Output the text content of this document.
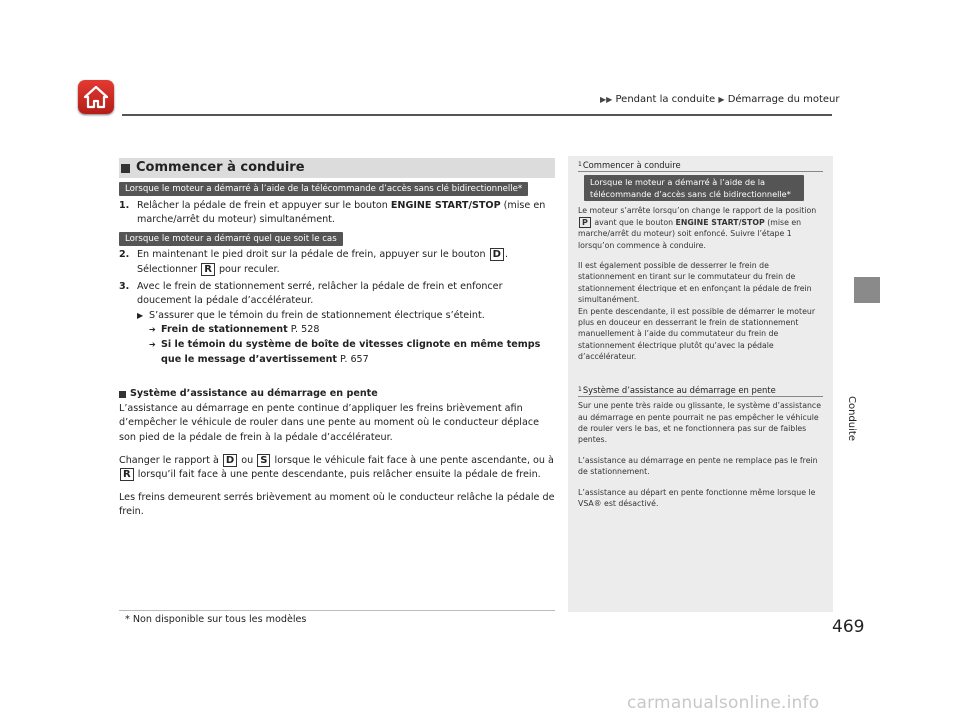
▶▶ Pendant la conduite ▶ Démarrage du moteur
Conduite
Commencer à conduire
Lorsque le moteur a démarré à l’aide de la télécommande d’accès sans clé bidirectionnelle*
1. Relâcher la pédale de frein et appuyer sur le bouton ENGINE START/STOP (mise en marche/arrêt du moteur) simultanément.
Lorsque le moteur a démarré quel que soit le cas
2. En maintenant le pied droit sur la pédale de frein, appuyer sur le bouton D . Sélectionner R pour reculer.
3. Avec le frein de stationnement serré, relâcher la pédale de frein et enfoncer doucement la pédale d’accélérateur.
▶ S’assurer que le témoin du frein de stationnement électrique s’éteint.
➔ Frein de stationnement P. 528
➔ Si le témoin du système de boîte de vitesses clignote en même temps que le message d’avertissement P. 657
Système d’assistance au démarrage en pente

L’assistance au démarrage en pente continue d’appliquer les freins brièvement afin d’empêcher le véhicule de rouler dans une pente au moment où le conducteur déplace son pied de la pédale de frein à la pédale d’accélérateur.

Changer le rapport à D ou S lorsque le véhicule fait face à une pente ascendante, ou à R lorsqu’il fait face à une pente descendante, puis relâcher ensuite la pédale de frein.

Les freins demeurent serrés brièvement au moment où le conducteur relâche la pédale de frein.

1 Commencer à conduire
Lorsque le moteur a démarré à l’aide de la télécommande d’accès sans clé bidirectionnelle*
Le moteur s’arrête lorsqu’on change le rapport de la position P avant que le bouton ENGINE START/STOP (mise en marche/arrêt du moteur) soit enfoncé. Suivre l’étape 1 lorsqu’on commence à conduire.
Il est également possible de desserrer le frein de stationnement en tirant sur le commutateur du frein de stationnement électrique et en enfonçant la pédale de frein simultanément.
En pente descendante, il est possible de démarrer le moteur plus en douceur en desserrant le frein de stationnement manuellement à l’aide du commutateur du frein de stationnement électrique plutôt qu’avec la pédale d’accélérateur.
1 Système d’assistance au démarrage en pente
Sur une pente très raide ou glissante, le système d’assistance au démarrage en pente pourrait ne pas empêcher le véhicule de rouler vers le bas, et ne fonctionnera pas sur de faibles pentes.
L’assistance au démarrage en pente ne remplace pas le frein de stationnement.
L’assistance au départ en pente fonctionne même lorsque le VSA® est désactivé.
* Non disponible sur tous les modèles	469
carmanualsonline.info
